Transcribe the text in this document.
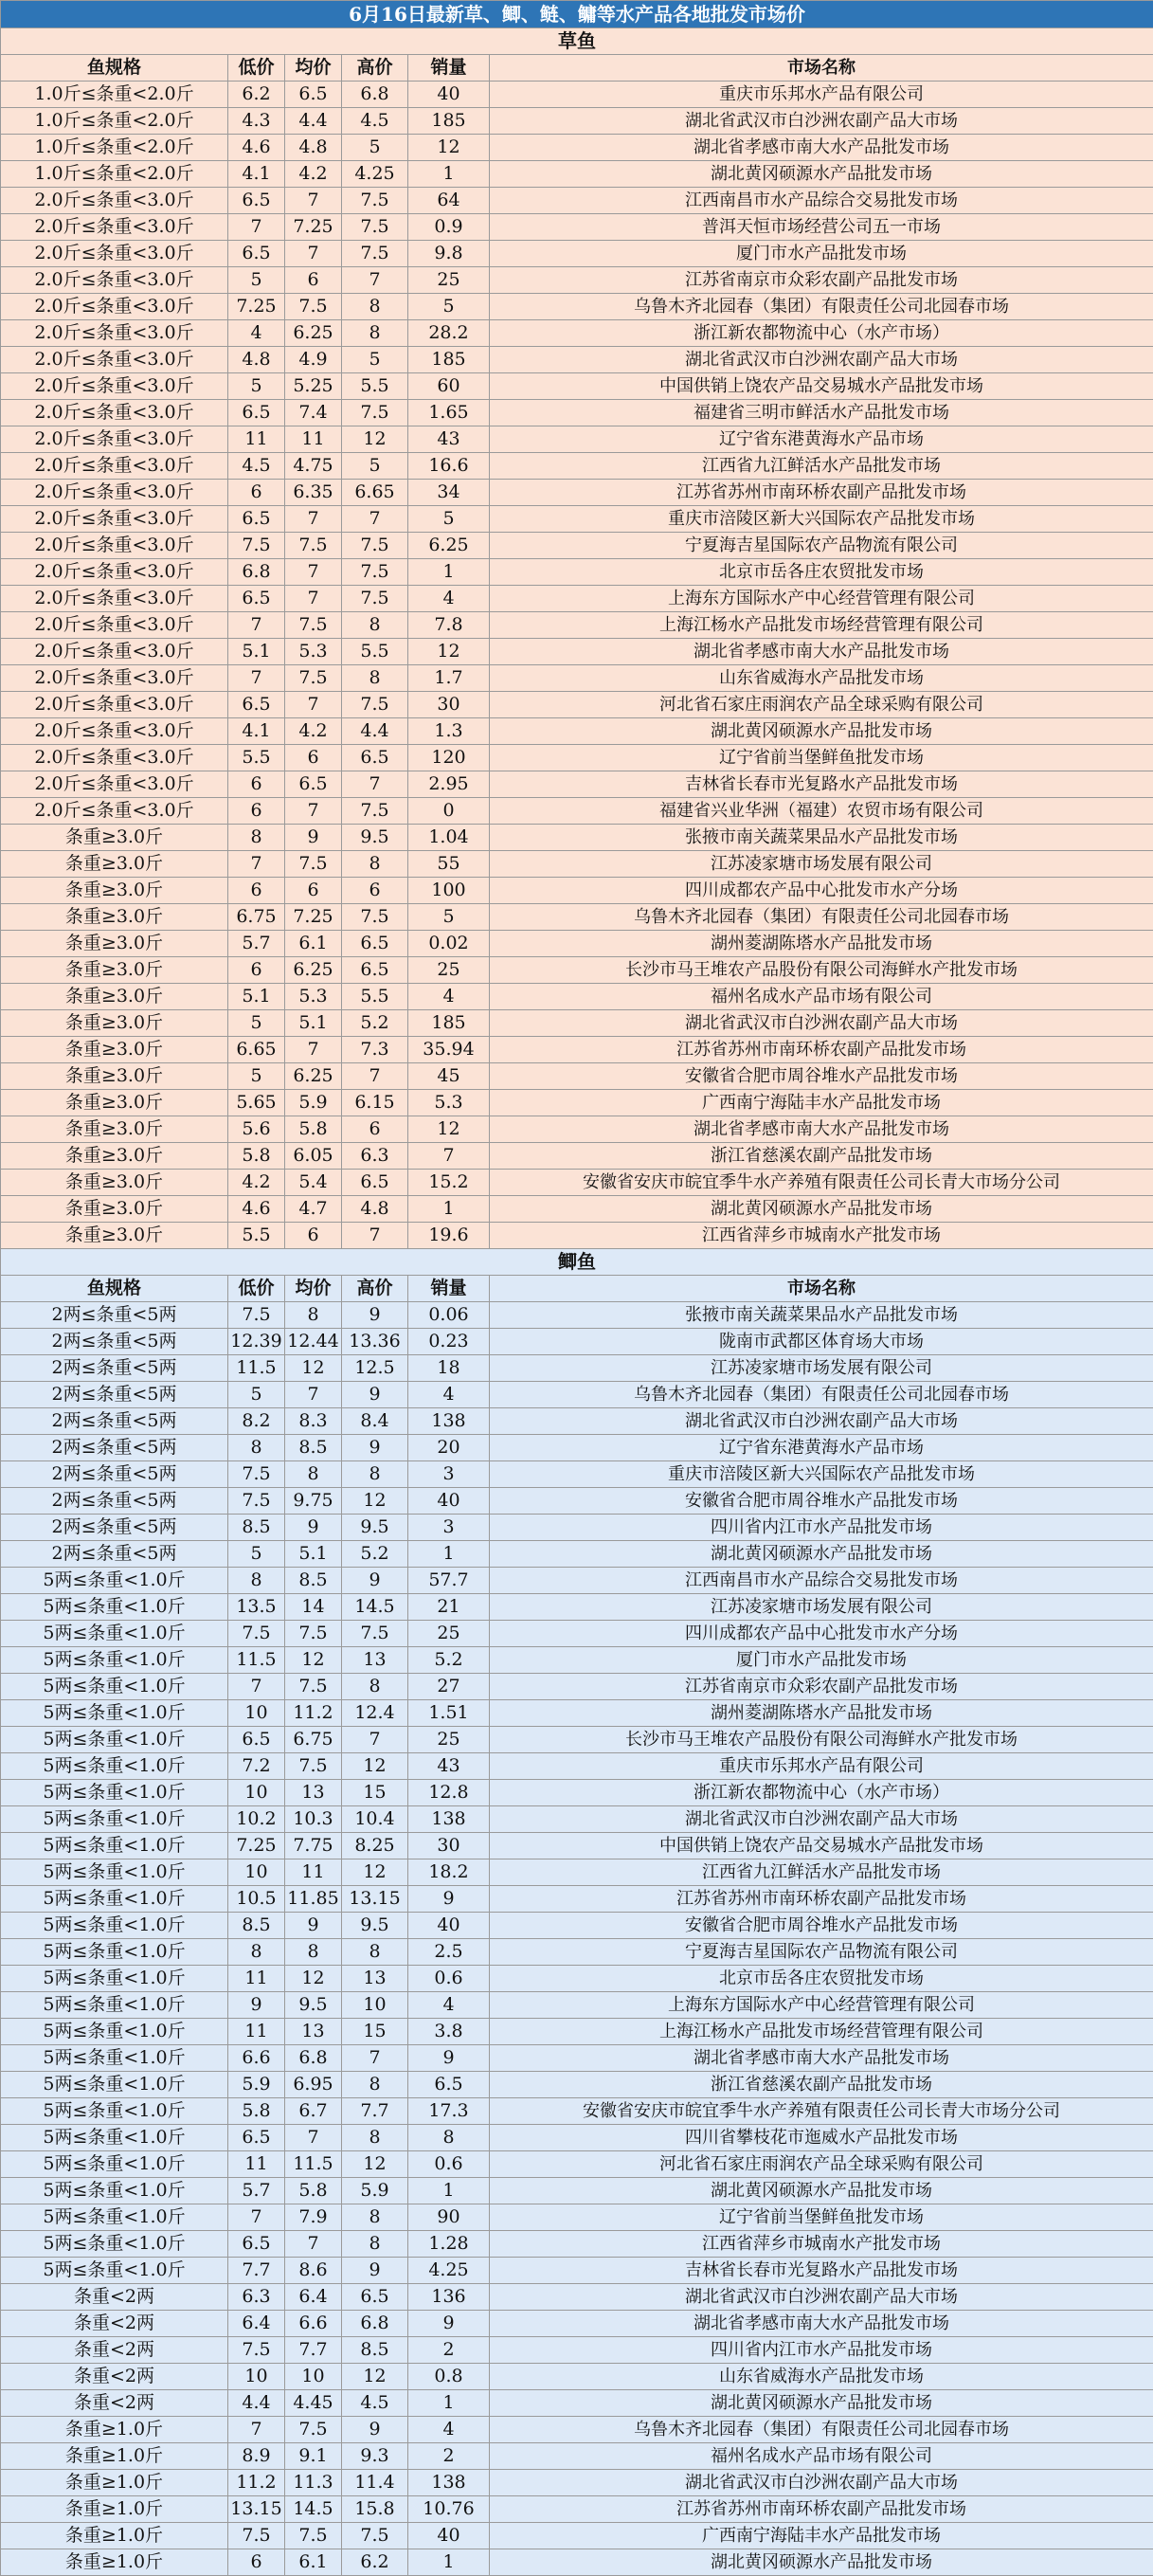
6月16日最新草、鲫、鲢、鳙等水产品各地批发市场价					
草鱼					
鱼规格	低价	均价	高价	销量	市场名称
1.0斤≤条重<2.0斤	6.2	6.5	6.8	40	重庆市乐邦水产品有限公司
1.0斤≤条重<2.0斤	4.3	4.4	4.5	185	湖北省武汉市白沙洲农副产品大市场
1.0斤≤条重<2.0斤	4.6	4.8	5	12	湖北省孝感市南大水产品批发市场
1.0斤≤条重<2.0斤	4.1	4.2	4.25	1	湖北黄冈硕源水产品批发市场
2.0斤≤条重<3.0斤	6.5	7	7.5	64	江西南昌市水产品综合交易批发市场
2.0斤≤条重<3.0斤	7	7.25	7.5	0.9	普洱天恒市场经营公司五一市场
2.0斤≤条重<3.0斤	6.5	7	7.5	9.8	厦门市水产品批发市场
2.0斤≤条重<3.0斤	5	6	7	25	江苏省南京市众彩农副产品批发市场
2.0斤≤条重<3.0斤	7.25	7.5	8	5	乌鲁木齐北园春（集团）有限责任公司北园春市场
2.0斤≤条重<3.0斤	4	6.25	8	28.2	浙江新农都物流中心（水产市场）
2.0斤≤条重<3.0斤	4.8	4.9	5	185	湖北省武汉市白沙洲农副产品大市场
2.0斤≤条重<3.0斤	5	5.25	5.5	60	中国供销上饶农产品交易城水产品批发市场
2.0斤≤条重<3.0斤	6.5	7.4	7.5	1.65	福建省三明市鲜活水产品批发市场
2.0斤≤条重<3.0斤	11	11	12	43	辽宁省东港黄海水产品市场
2.0斤≤条重<3.0斤	4.5	4.75	5	16.6	江西省九江鲜活水产品批发市场
2.0斤≤条重<3.0斤	6	6.35	6.65	34	江苏省苏州市南环桥农副产品批发市场
2.0斤≤条重<3.0斤	6.5	7	7	5	重庆市涪陵区新大兴国际农产品批发市场
2.0斤≤条重<3.0斤	7.5	7.5	7.5	6.25	宁夏海吉星国际农产品物流有限公司
2.0斤≤条重<3.0斤	6.8	7	7.5	1	北京市岳各庄农贸批发市场
2.0斤≤条重<3.0斤	6.5	7	7.5	4	上海东方国际水产中心经营管理有限公司
2.0斤≤条重<3.0斤	7	7.5	8	7.8	上海江杨水产品批发市场经营管理有限公司
2.0斤≤条重<3.0斤	5.1	5.3	5.5	12	湖北省孝感市南大水产品批发市场
2.0斤≤条重<3.0斤	7	7.5	8	1.7	山东省威海水产品批发市场
2.0斤≤条重<3.0斤	6.5	7	7.5	30	河北省石家庄雨润农产品全球采购有限公司
2.0斤≤条重<3.0斤	4.1	4.2	4.4	1.3	湖北黄冈硕源水产品批发市场
2.0斤≤条重<3.0斤	5.5	6	6.5	120	辽宁省前当堡鲜鱼批发市场
2.0斤≤条重<3.0斤	6	6.5	7	2.95	吉林省长春市光复路水产品批发市场
2.0斤≤条重<3.0斤	6	7	7.5	0	福建省兴业华洲（福建）农贸市场有限公司
条重≥3.0斤	8	9	9.5	1.04	张掖市南关蔬菜果品水产品批发市场
条重≥3.0斤	7	7.5	8	55	江苏凌家塘市场发展有限公司
条重≥3.0斤	6	6	6	100	四川成都农产品中心批发市水产分场
条重≥3.0斤	6.75	7.25	7.5	5	乌鲁木齐北园春（集团）有限责任公司北园春市场
条重≥3.0斤	5.7	6.1	6.5	0.02	湖州菱湖陈塔水产品批发市场
条重≥3.0斤	6	6.25	6.5	25	长沙市马王堆农产品股份有限公司海鲜水产批发市场
条重≥3.0斤	5.1	5.3	5.5	4	福州名成水产品市场有限公司
条重≥3.0斤	5	5.1	5.2	185	湖北省武汉市白沙洲农副产品大市场
条重≥3.0斤	6.65	7	7.3	35.94	江苏省苏州市南环桥农副产品批发市场
条重≥3.0斤	5	6.25	7	45	安徽省合肥市周谷堆水产品批发市场
条重≥3.0斤	5.65	5.9	6.15	5.3	广西南宁海陆丰水产品批发市场
条重≥3.0斤	5.6	5.8	6	12	湖北省孝感市南大水产品批发市场
条重≥3.0斤	5.8	6.05	6.3	7	浙江省慈溪农副产品批发市场
条重≥3.0斤	4.2	5.4	6.5	15.2	安徽省安庆市皖宜季牛水产养殖有限责任公司长青大市场分公司
条重≥3.0斤	4.6	4.7	4.8	1	湖北黄冈硕源水产品批发市场
条重≥3.0斤	5.5	6	7	19.6	江西省萍乡市城南水产批发市场
鲫鱼					
鱼规格	低价	均价	高价	销量	市场名称
2两≤条重<5两	7.5	8	9	0.06	张掖市南关蔬菜果品水产品批发市场
2两≤条重<5两	12.39	12.44	13.36	0.23	陇南市武都区体育场大市场
2两≤条重<5两	11.5	12	12.5	18	江苏凌家塘市场发展有限公司
2两≤条重<5两	5	7	9	4	乌鲁木齐北园春（集团）有限责任公司北园春市场
2两≤条重<5两	8.2	8.3	8.4	138	湖北省武汉市白沙洲农副产品大市场
2两≤条重<5两	8	8.5	9	20	辽宁省东港黄海水产品市场
2两≤条重<5两	7.5	8	8	3	重庆市涪陵区新大兴国际农产品批发市场
2两≤条重<5两	7.5	9.75	12	40	安徽省合肥市周谷堆水产品批发市场
2两≤条重<5两	8.5	9	9.5	3	四川省内江市水产品批发市场
2两≤条重<5两	5	5.1	5.2	1	湖北黄冈硕源水产品批发市场
5两≤条重<1.0斤	8	8.5	9	57.7	江西南昌市水产品综合交易批发市场
5两≤条重<1.0斤	13.5	14	14.5	21	江苏凌家塘市场发展有限公司
5两≤条重<1.0斤	7.5	7.5	7.5	25	四川成都农产品中心批发市水产分场
5两≤条重<1.0斤	11.5	12	13	5.2	厦门市水产品批发市场
5两≤条重<1.0斤	7	7.5	8	27	江苏省南京市众彩农副产品批发市场
5两≤条重<1.0斤	10	11.2	12.4	1.51	湖州菱湖陈塔水产品批发市场
5两≤条重<1.0斤	6.5	6.75	7	25	长沙市马王堆农产品股份有限公司海鲜水产批发市场
5两≤条重<1.0斤	7.2	7.5	12	43	重庆市乐邦水产品有限公司
5两≤条重<1.0斤	10	13	15	12.8	浙江新农都物流中心（水产市场）
5两≤条重<1.0斤	10.2	10.3	10.4	138	湖北省武汉市白沙洲农副产品大市场
5两≤条重<1.0斤	7.25	7.75	8.25	30	中国供销上饶农产品交易城水产品批发市场
5两≤条重<1.0斤	10	11	12	18.2	江西省九江鲜活水产品批发市场
5两≤条重<1.0斤	10.5	11.85	13.15	9	江苏省苏州市南环桥农副产品批发市场
5两≤条重<1.0斤	8.5	9	9.5	40	安徽省合肥市周谷堆水产品批发市场
5两≤条重<1.0斤	8	8	8	2.5	宁夏海吉星国际农产品物流有限公司
5两≤条重<1.0斤	11	12	13	0.6	北京市岳各庄农贸批发市场
5两≤条重<1.0斤	9	9.5	10	4	上海东方国际水产中心经营管理有限公司
5两≤条重<1.0斤	11	13	15	3.8	上海江杨水产品批发市场经营管理有限公司
5两≤条重<1.0斤	6.6	6.8	7	9	湖北省孝感市南大水产品批发市场
5两≤条重<1.0斤	5.9	6.95	8	6.5	浙江省慈溪农副产品批发市场
5两≤条重<1.0斤	5.8	6.7	7.7	17.3	安徽省安庆市皖宜季牛水产养殖有限责任公司长青大市场分公司
5两≤条重<1.0斤	6.5	7	8	8	四川省攀枝花市迤威水产品批发市场
5两≤条重<1.0斤	11	11.5	12	0.6	河北省石家庄雨润农产品全球采购有限公司
5两≤条重<1.0斤	5.7	5.8	5.9	1	湖北黄冈硕源水产品批发市场
5两≤条重<1.0斤	7	7.9	8	90	辽宁省前当堡鲜鱼批发市场
5两≤条重<1.0斤	6.5	7	8	1.28	江西省萍乡市城南水产批发市场
5两≤条重<1.0斤	7.7	8.6	9	4.25	吉林省长春市光复路水产品批发市场
条重<2两	6.3	6.4	6.5	136	湖北省武汉市白沙洲农副产品大市场
条重<2两	6.4	6.6	6.8	9	湖北省孝感市南大水产品批发市场
条重<2两	7.5	7.7	8.5	2	四川省内江市水产品批发市场
条重<2两	10	10	12	0.8	山东省威海水产品批发市场
条重<2两	4.4	4.45	4.5	1	湖北黄冈硕源水产品批发市场
条重≥1.0斤	7	7.5	9	4	乌鲁木齐北园春（集团）有限责任公司北园春市场
条重≥1.0斤	8.9	9.1	9.3	2	福州名成水产品市场有限公司
条重≥1.0斤	11.2	11.3	11.4	138	湖北省武汉市白沙洲农副产品大市场
条重≥1.0斤	13.15	14.5	15.8	10.76	江苏省苏州市南环桥农副产品批发市场
条重≥1.0斤	7.5	7.5	7.5	40	广西南宁海陆丰水产品批发市场
条重≥1.0斤	6	6.1	6.2	1	湖北黄冈硕源水产品批发市场
